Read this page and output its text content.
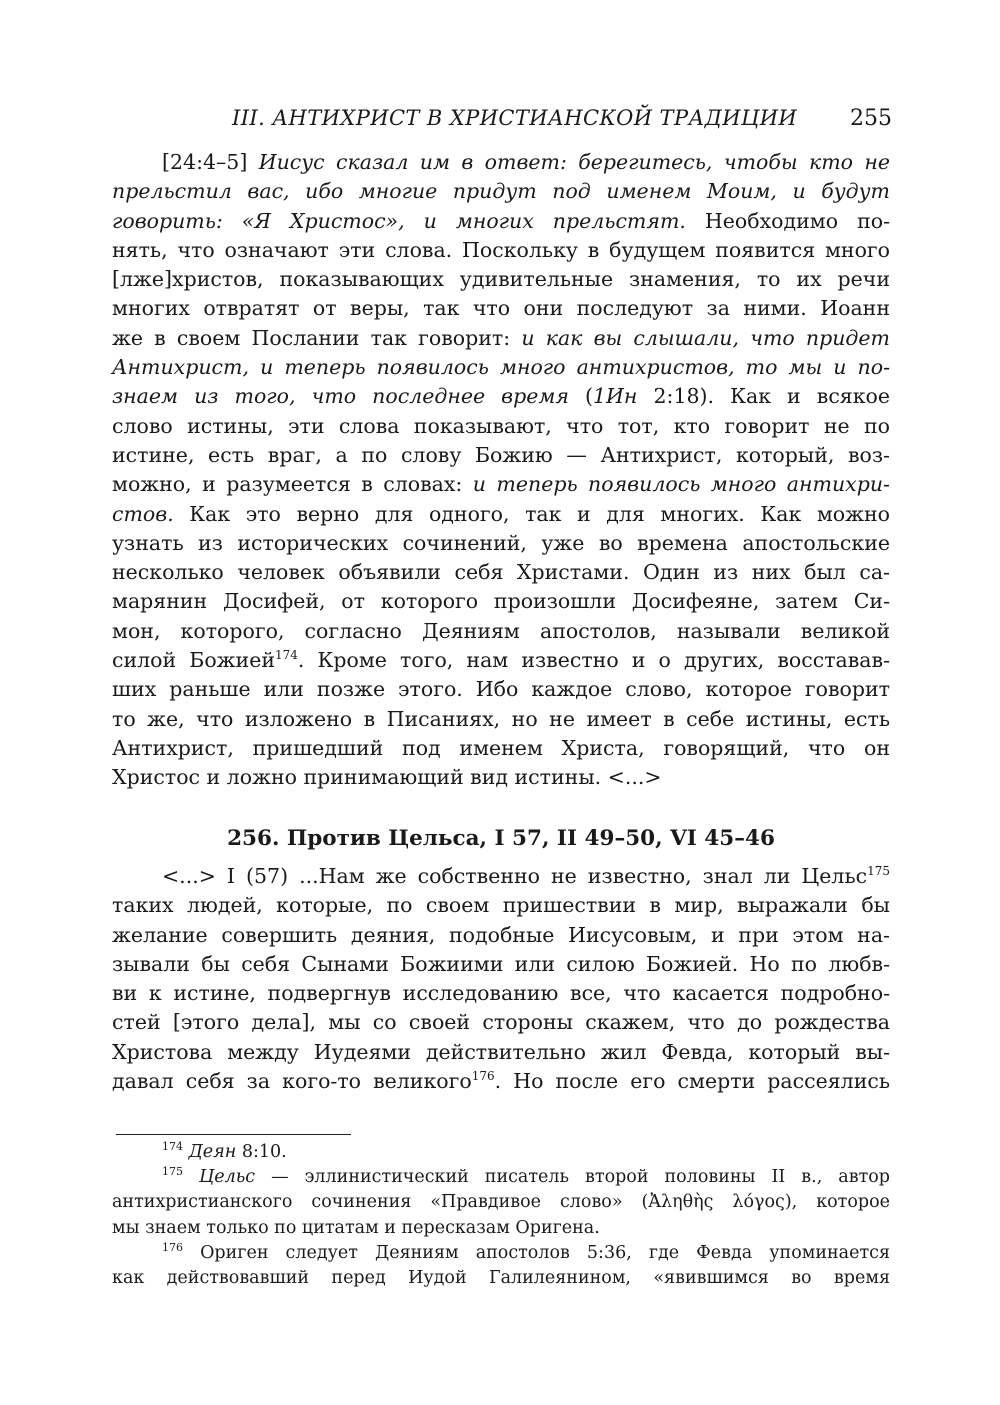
III. АНТИХРИСТ В ХРИСТИАНСКОЙ ТРАДИЦИИ 255
[24:4–5] Иисус сказал им в ответ: берегитесь, чтобы кто не
прельстил вас, ибо многие придут под именем Моим, и будут
говорить: «Я Христос», и многих прельстят. Необходимо по-
нять, что означают эти слова. Поскольку в будущем появится много
[лже]христов, показывающих удивительные знамения, то их речи
многих отвратят от веры, так что они последуют за ними. Иоанн
же в своем Послании так говорит: и как вы слышали, что придет
Антихрист, и теперь появилось много антихристов, то мы и по-
знаем из того, что последнее время (1Ин 2:18). Как и всякое
слово истины, эти слова показывают, что тот, кто говорит не по
истине, есть враг, а по слову Божию — Антихрист, который, воз-
можно, и разумеется в словах: и теперь появилось много антихри-
стов. Как это верно для одного, так и для многих. Как можно
узнать из исторических сочинений, уже во времена апостольские
несколько человек объявили себя Христами. Один из них был са-
марянин Досифей, от которого произошли Досифеяне, затем Си-
мон, которого, согласно Деяниям апостолов, называли великой
силой Божией$^{174}$. Кроме того, нам известно и о других, восставав-
ших раньше или позже этого. Ибо каждое слово, которое говорит
то же, что изложено в Писаниях, но не имеет в себе истины, есть
Антихрист, пришедший под именем Христа, говорящий, что он
Христос и ложно принимающий вид истины. <...>
256. Против Цельса, I 57, II 49–50, VI 45–46
<...> I (57) ...Нам же собственно не известно, знал ли Цельс$^{175}$
таких людей, которые, по своем пришествии в мир, выражали бы
желание совершить деяния, подобные Иисусовым, и при этом на-
зывали бы себя Сынами Божиими или силою Божией. Но по любв-
ви к истине, подвергнув исследованию все, что касается подробно-
стей [этого дела], мы со своей стороны скажем, что до рождества
Христова между Иудеями действительно жил Февда, который вы-
давал себя за кого-то великого$^{176}$. Но после его смерти рассеялись
$^{174}$ Деян 8:10.
$^{175}$ Цельс — эллинистический писатель второй половины II в., автор
антихристианского сочинения «Правдивое слово» (Ἀληθὴς λόγος), которое
мы знаем только по цитатам и пересказам Оригена.
$^{176}$ Ориген следует Деяниям апостолов 5:36, где Февда упоминается
как действовавший перед Иудой Галилеянином, «явившимся во время
